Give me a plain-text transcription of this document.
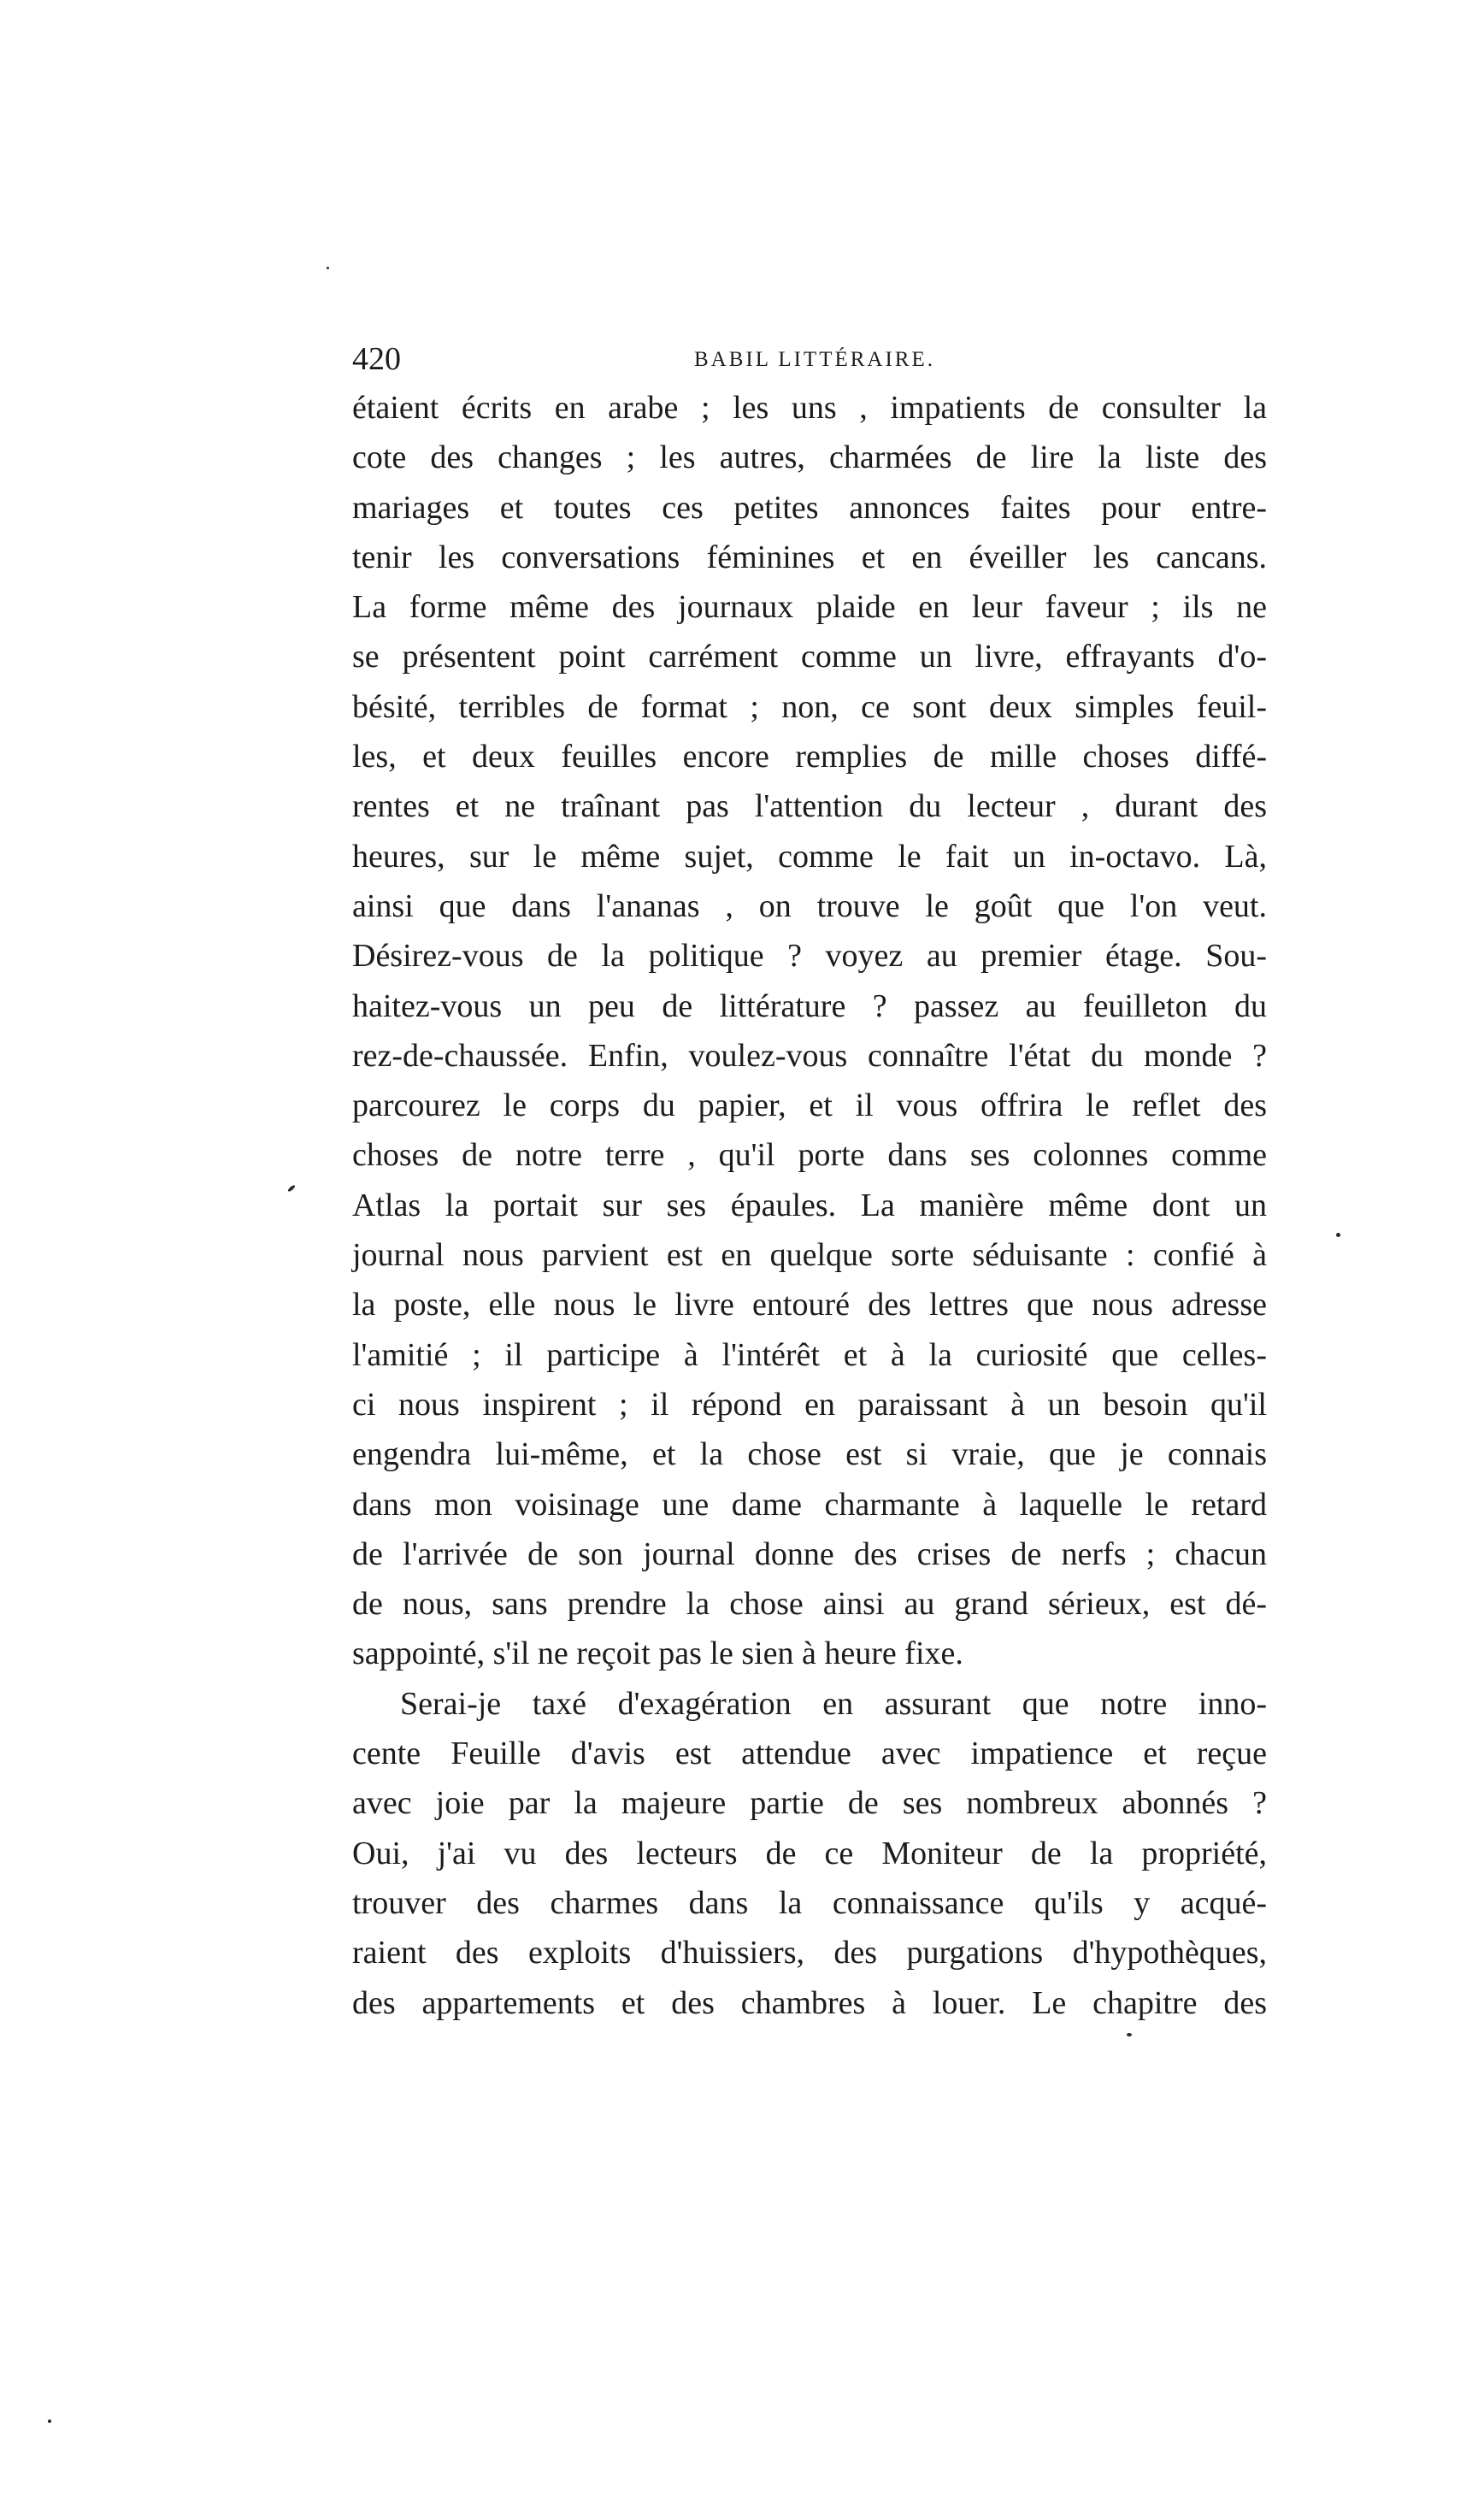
420	BABIL LITTÉRAIRE.
étaient écrits en arabe ; les uns , impatients de consulter la
cote des changes ; les autres, charmées de lire la liste des
mariages et toutes ces petites annonces faites pour entre-
tenir les conversations féminines et en éveiller les cancans.
La forme même des journaux plaide en leur faveur ; ils ne
se présentent point carrément comme un livre, effrayants d'o-
bésité, terribles de format ; non, ce sont deux simples feuil-
les, et deux feuilles encore remplies de mille choses diffé-
rentes et ne traînant pas l'attention du lecteur , durant des
heures, sur le même sujet, comme le fait un in-octavo. Là,
ainsi que dans l'ananas , on trouve le goût que l'on veut.
Désirez-vous de la politique ? voyez au premier étage. Sou-
haitez-vous un peu de littérature ? passez au feuilleton du
rez-de-chaussée. Enfin, voulez-vous connaître l'état du monde ?
parcourez le corps du papier, et il vous offrira le reflet des
choses de notre terre , qu'il porte dans ses colonnes comme
Atlas la portait sur ses épaules. La manière même dont un
journal nous parvient est en quelque sorte séduisante : confié à
la poste, elle nous le livre entouré des lettres que nous adresse
l'amitié ; il participe à l'intérêt et à la curiosité que celles-
ci nous inspirent ; il répond en paraissant à un besoin qu'il
engendra lui-même, et la chose est si vraie, que je connais
dans mon voisinage une dame charmante à laquelle le retard
de l'arrivée de son journal donne des crises de nerfs ; chacun
de nous, sans prendre la chose ainsi au grand sérieux, est dé-
sappointé, s'il ne reçoit pas le sien à heure fixe.
Serai-je taxé d'exagération en assurant que notre inno-
cente Feuille d'avis est attendue avec impatience et reçue
avec joie par la majeure partie de ses nombreux abonnés ?
Oui, j'ai vu des lecteurs de ce Moniteur de la propriété,
trouver des charmes dans la connaissance qu'ils y acqué-
raient des exploits d'huissiers, des purgations d'hypothèques,
des appartements et des chambres à louer. Le chapitre des
